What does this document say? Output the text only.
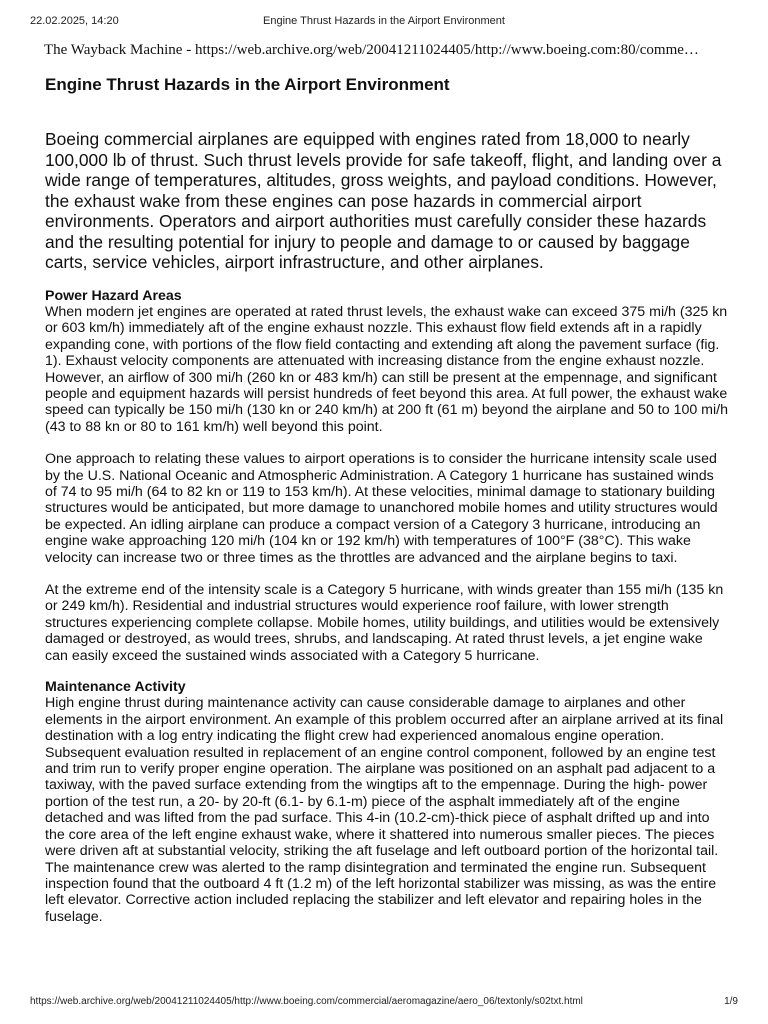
22.02.2025, 14:20	Engine Thrust Hazards in the Airport Environment
The Wayback Machine - https://web.archive.org/web/20041211024405/http://www.boeing.com:80/comme…
Engine Thrust Hazards in the Airport Environment

Boeing commercial airplanes are equipped with engines rated from 18,000 to nearly 100,000 lb of thrust. Such thrust levels provide for safe takeoff, flight, and landing over a wide range of temperatures, altitudes, gross weights, and payload conditions. However, the exhaust wake from these engines can pose hazards in commercial airport environments. Operators and airport authorities must carefully consider these hazards and the resulting potential for injury to people and damage to or caused by baggage carts, service vehicles, airport infrastructure, and other airplanes.

Power Hazard Areas

When modern jet engines are operated at rated thrust levels, the exhaust wake can exceed 375 mi/h (325 kn or 603 km/h) immediately aft of the engine exhaust nozzle. This exhaust flow field extends aft in a rapidly expanding cone, with portions of the flow field contacting and extending aft along the pavement surface (fig. 1). Exhaust velocity components are attenuated with increasing distance from the engine exhaust nozzle. However, an airflow of 300 mi/h (260 kn or 483 km/h) can still be present at the empennage, and significant people and equipment hazards will persist hundreds of feet beyond this area. At full power, the exhaust wake speed can typically be 150 mi/h (130 kn or 240 km/h) at 200 ft (61 m) beyond the airplane and 50 to 100 mi/h (43 to 88 kn or 80 to 161 km/h) well beyond this point.

One approach to relating these values to airport operations is to consider the hurricane intensity scale used by the U.S. National Oceanic and Atmospheric Administration. A Category 1 hurricane has sustained winds of 74 to 95 mi/h (64 to 82 kn or 119 to 153 km/h). At these velocities, minimal damage to stationary building structures would be anticipated, but more damage to unanchored mobile homes and utility structures would be expected. An idling airplane can produce a compact version of a Category 3 hurricane, introducing an engine wake approaching 120 mi/h (104 kn or 192 km/h) with temperatures of 100°F (38°C). This wake velocity can increase two or three times as the throttles are advanced and the airplane begins to taxi.

At the extreme end of the intensity scale is a Category 5 hurricane, with winds greater than 155 mi/h (135 kn or 249 km/h). Residential and industrial structures would experience roof failure, with lower strength structures experiencing complete collapse. Mobile homes, utility buildings, and utilities would be extensively damaged or destroyed, as would trees, shrubs, and landscaping. At rated thrust levels, a jet engine wake can easily exceed the sustained winds associated with a Category 5 hurricane.

Maintenance Activity

High engine thrust during maintenance activity can cause considerable damage to airplanes and other elements in the airport environment. An example of this problem occurred after an airplane arrived at its final destination with a log entry indicating the flight crew had experienced anomalous engine operation. Subsequent evaluation resulted in replacement of an engine control component, followed by an engine test and trim run to verify proper engine operation. The airplane was positioned on an asphalt pad adjacent to a taxiway, with the paved surface extending from the wingtips aft to the empennage. During the high- power portion of the test run, a 20- by 20-ft (6.1- by 6.1-m) piece of the asphalt immediately aft of the engine detached and was lifted from the pad surface. This 4-in (10.2-cm)-thick piece of asphalt drifted up and into the core area of the left engine exhaust wake, where it shattered into numerous smaller pieces. The pieces were driven aft at substantial velocity, striking the aft fuselage and left outboard portion of the horizontal tail. The maintenance crew was alerted to the ramp disintegration and terminated the engine run. Subsequent inspection found that the outboard 4 ft (1.2 m) of the left horizontal stabilizer was missing, as was the entire left elevator. Corrective action included replacing the stabilizer and left elevator and repairing holes in the fuselage.

https://web.archive.org/web/20041211024405/http://www.boeing.com/commercial/aeromagazine/aero_06/textonly/s02txt.html	1/9
